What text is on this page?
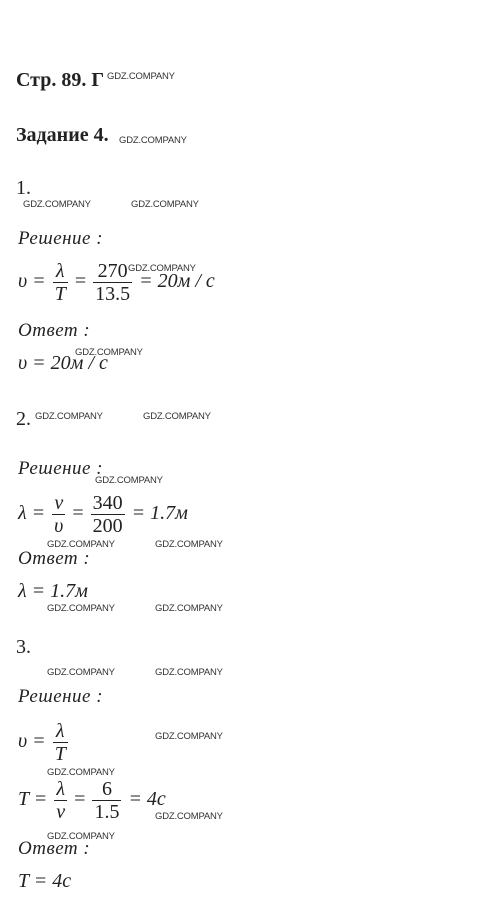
Стр. 89. Г
Задание 4.
1.
Решение :
$\upsilon = \frac{\lambda}{T} = \frac{270}{13.5} = 20м / с$
Ответ :
υ = 20м / с
2.
Решение :
$\lambda = \frac{v}{\upsilon} = \frac{340}{200} = 1.7м$
Ответ :
λ = 1.7м
3.
Решение :
$\upsilon = \frac{\lambda}{T}$
$T = \frac{\lambda}{v} = \frac{6}{1.5} = 4с$
Ответ :
T = 4с
GDZ.COMPANY
GDZ.COMPANY
GDZ.COMPANY	GDZ.COMPANY
GDZ.COMPANY
GDZ.COMPANY
GDZ.COMPANY	GDZ.COMPANY
GDZ.COMPANY
GDZ.COMPANY	GDZ.COMPANY
GDZ.COMPANY	GDZ.COMPANY
GDZ.COMPANY	GDZ.COMPANY
GDZ.COMPANY
GDZ.COMPANY
GDZ.COMPANY
GDZ.COMPANY
